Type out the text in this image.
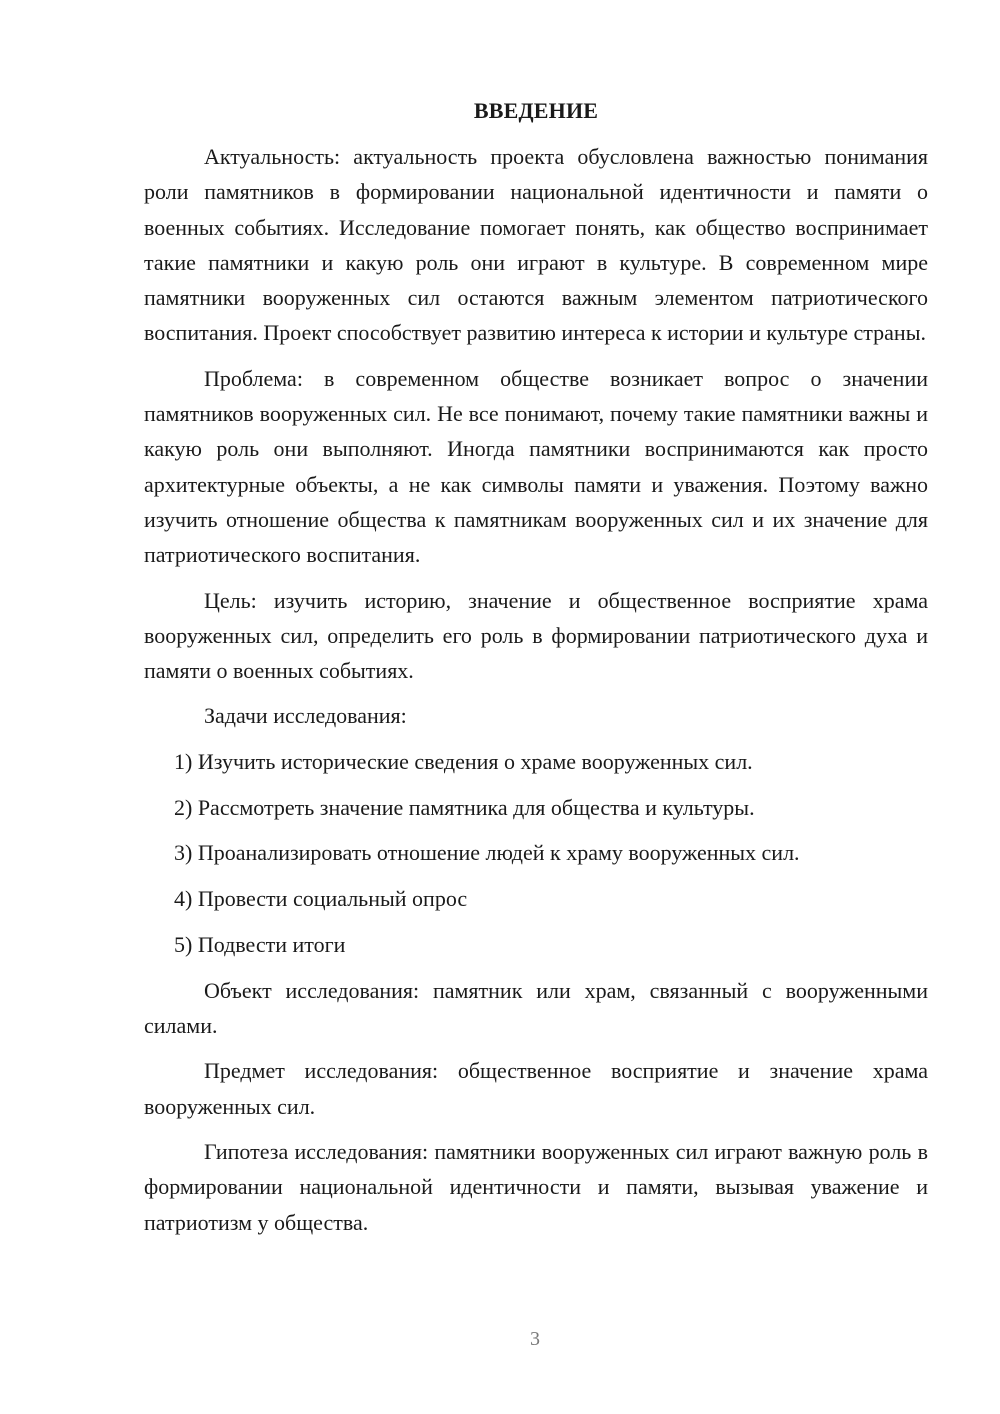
ВВЕДЕНИЕ

Актуальность: актуальность проекта обусловлена важностью понимания роли памятников в формировании национальной идентичности и памяти о военных событиях. Исследование помогает понять, как общество воспринимает такие памятники и какую роль они играют в культуре. В современном мире памятники вооруженных сил остаются важным элементом патриотического воспитания. Проект способствует развитию интереса к истории и культуре страны.

Проблема: в современном обществе возникает вопрос о значении памятников вооруженных сил. Не все понимают, почему такие памятники важны и какую роль они выполняют. Иногда памятники воспринимаются как просто архитектурные объекты, а не как символы памяти и уважения. Поэтому важно изучить отношение общества к памятникам вооруженных сил и их значение для патриотического воспитания.

Цель: изучить историю, значение и общественное восприятие храма вооруженных сил, определить его роль в формировании патриотического духа и памяти о военных событиях.

Задачи исследования:

1) Изучить исторические сведения о храме вооруженных сил.
2) Рассмотреть значение памятника для общества и культуры.
3) Проанализировать отношение людей к храму вооруженных сил.
4) Провести социальный опрос
5) Подвести итоги

Объект исследования: памятник или храм, связанный с вооруженными силами.

Предмет исследования: общественное восприятие и значение храма вооруженных сил.

Гипотеза исследования: памятники вооруженных сил играют важную роль в формировании национальной идентичности и памяти, вызывая уважение и патриотизм у общества.

3
